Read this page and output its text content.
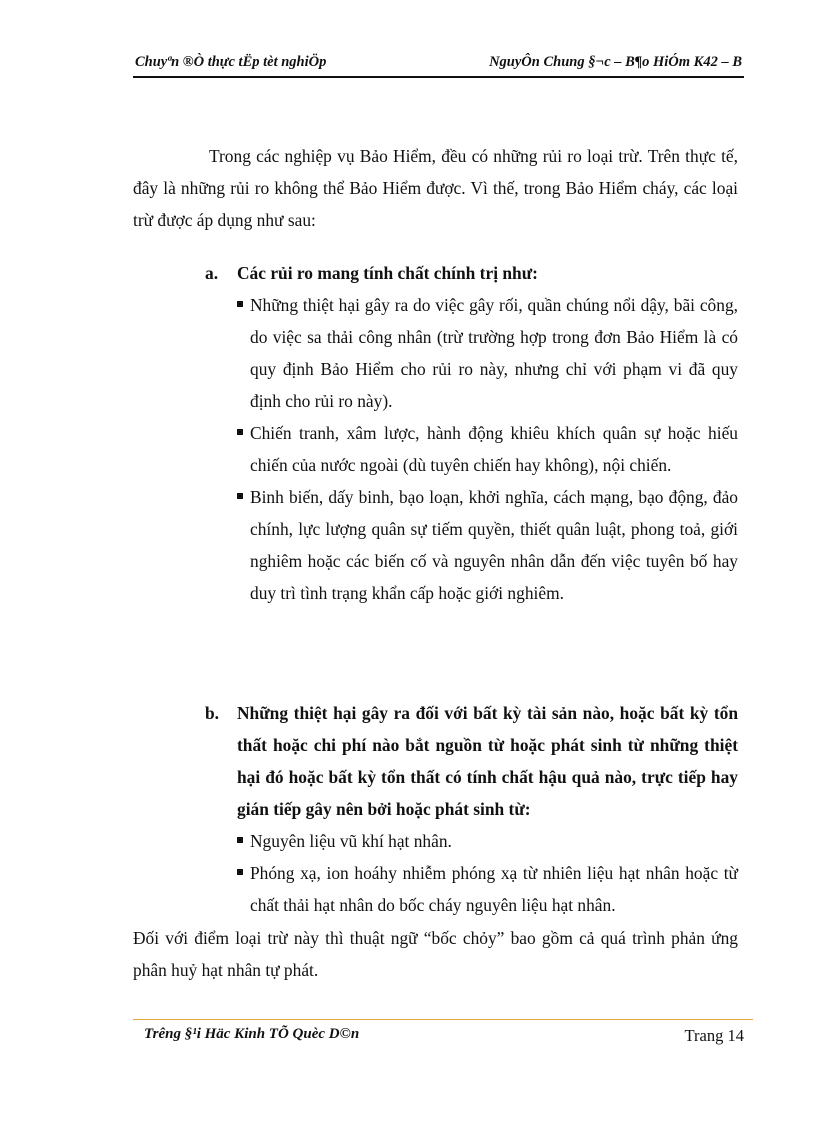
Chuyªn ®Ò thực tËp tèt nghiÖp	NguyÔn Chung §¬c – B¶o HiÓm K42 – B

Trong các nghiệp vụ Bảo Hiểm, đều có những rủi ro loại trừ. Trên thực tế, đây là những rủi ro không thể Bảo Hiểm được. Vì thế, trong Bảo Hiểm cháy, các loại trừ được áp dụng như sau:

a. Các rủi ro mang tính chất chính trị như:
Những thiệt hại gây ra do việc gây rối, quần chúng nổi dậy, bãi công, do việc sa thải công nhân (trừ trường hợp trong đơn Bảo Hiểm là có quy định Bảo Hiểm cho rủi ro này, nhưng chỉ với phạm vi đã quy định cho rủi ro này).
Chiến tranh, xâm lược, hành động khiêu khích quân sự hoặc hiếu chiến của nước ngoài (dù tuyên chiến hay không), nội chiến.
Binh biến, dấy binh, bạo loạn, khởi nghĩa, cách mạng, bạo động, đảo chính, lực lượng quân sự tiếm quyền, thiết quân luật, phong toả, giới nghiêm hoặc các biến cố và nguyên nhân dẫn đến việc tuyên bố hay duy trì tình trạng khẩn cấp hoặc giới nghiêm.
b. Những thiệt hại gây ra đối với bất kỳ tài sản nào, hoặc bất kỳ tổn thất hoặc chi phí nào bắt nguồn từ hoặc phát sinh từ những thiệt hại đó hoặc bất kỳ tổn thất có tính chất hậu quả nào, trực tiếp hay gián tiếp gây nên bởi hoặc phát sinh từ:
Nguyên liệu vũ khí hạt nhân.
Phóng xạ, ion hoáhy nhiễm phóng xạ từ nhiên liệu hạt nhân hoặc từ chất thải hạt nhân do bốc cháy nguyên liệu hạt nhân.

Đối với điểm loại trừ này thì thuật ngữ “bốc chỏy” bao gồm cả quá trình phản ứng phân huỷ hạt nhân tự phát.

Trêng §¹i Häc Kinh TÕ Quèc D©n	Trang 14
